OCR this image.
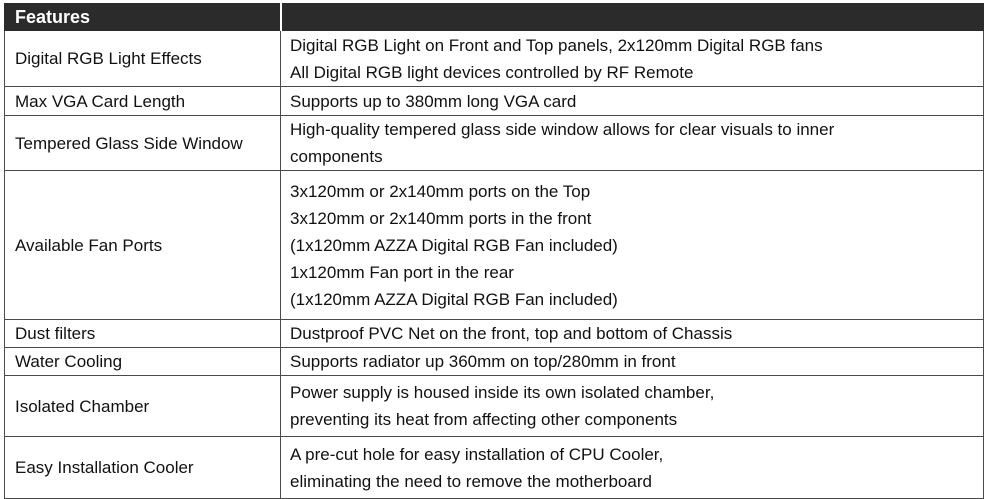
Features	
Digital RGB Light Effects	Digital RGB Light on Front and Top panels, 2x120mm Digital RGB fans
All Digital RGB light devices controlled by RF Remote

Max VGA Card Length	Supports up to 380mm long VGA card

Tempered Glass Side Window	High-quality tempered glass side window allows for clear visuals to inner
components

Available Fan Ports	3x120mm or 2x140mm ports on the Top
3x120mm or 2x140mm ports in the front
(1x120mm AZZA Digital RGB Fan included)
1x120mm Fan port in the rear
(1x120mm AZZA Digital RGB Fan included)

Dust filters	Dustproof PVC Net on the front, top and bottom of Chassis

Water Cooling	Supports radiator up 360mm on top/280mm in front

Isolated Chamber	Power supply is housed inside its own isolated chamber,
preventing its heat from affecting other components

Easy Installation Cooler	A pre-cut hole for easy installation of CPU Cooler,
eliminating the need to remove the motherboard
